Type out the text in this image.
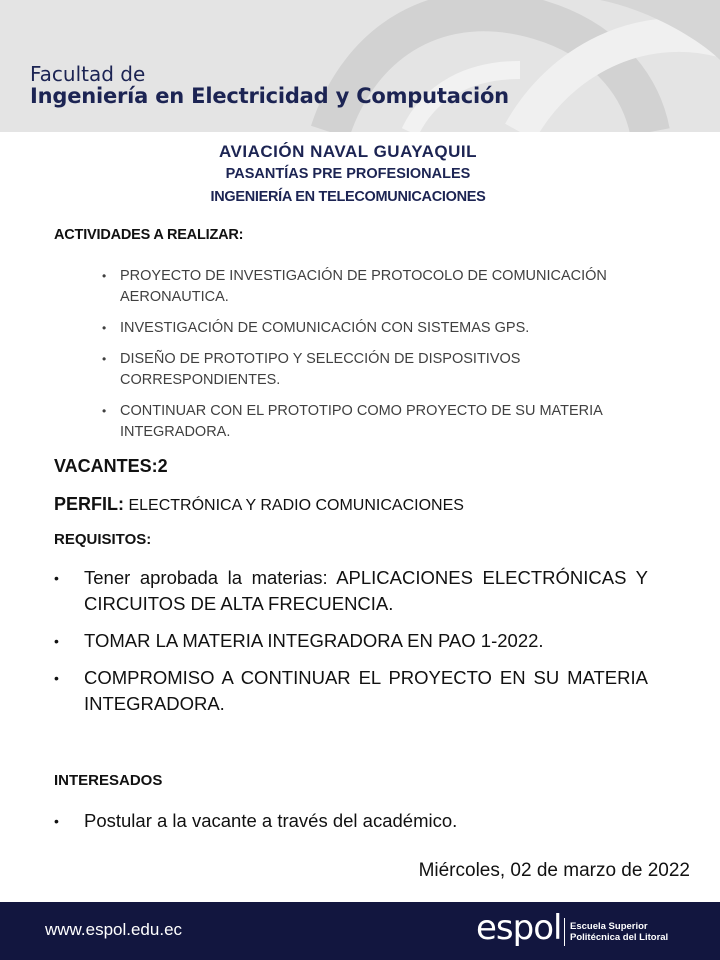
Facultad de
Ingeniería en Electricidad y Computación
AVIACIÓN NAVAL GUAYAQUIL
PASANTÍAS PRE PROFESIONALES
INGENIERÍA EN TELECOMUNICACIONES
ACTIVIDADES A REALIZAR:
• PROYECTO DE INVESTIGACIÓN DE PROTOCOLO DE COMUNICACIÓN AERONAUTICA.
• INVESTIGACIÓN DE COMUNICACIÓN CON SISTEMAS GPS.
• DISEÑO DE PROTOTIPO Y SELECCIÓN DE DISPOSITIVOS CORRESPONDIENTES.
• CONTINUAR CON EL PROTOTIPO COMO PROYECTO DE SU MATERIA INTEGRADORA.
VACANTES:2
PERFIL: ELECTRÓNICA Y RADIO COMUNICACIONES
REQUISITOS:
• Tener aprobada la materias: APLICACIONES ELECTRÓNICAS Y CIRCUITOS DE ALTA FRECUENCIA.
• TOMAR LA MATERIA INTEGRADORA EN PAO 1-2022.
• COMPROMISO A CONTINUAR EL PROYECTO EN SU MATERIA INTEGRADORA.
INTERESADOS
• Postular a la vacante a través del académico.
Miércoles, 02 de marzo de 2022
www.espol.edu.ec	espol Escuela Superior
Politécnica del Litoral
